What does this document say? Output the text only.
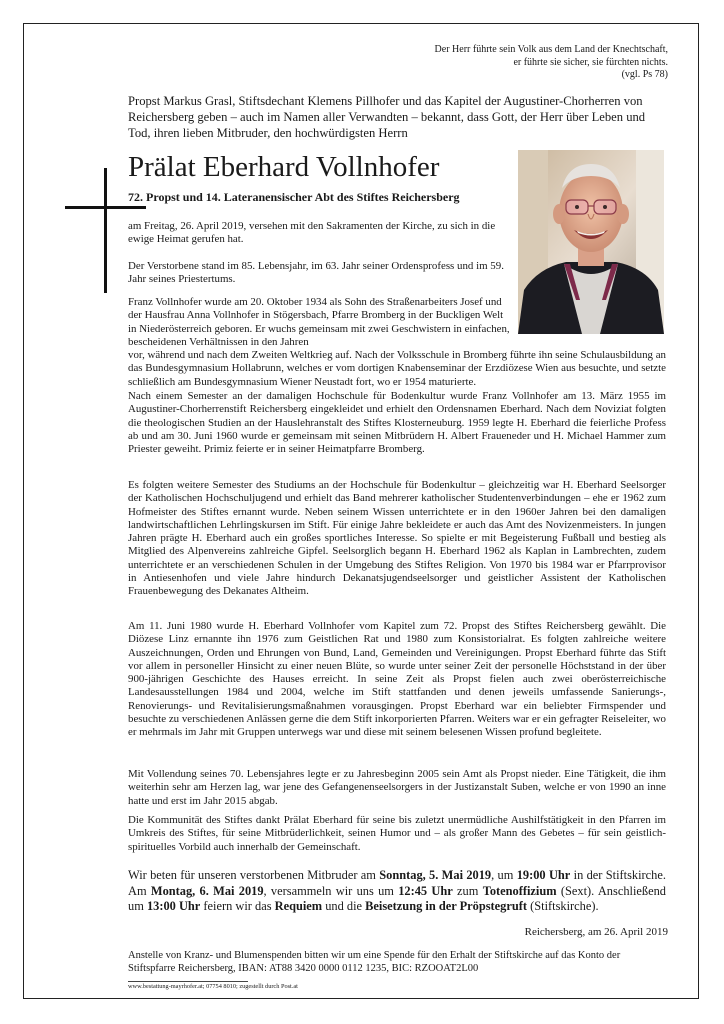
Der Herr führte sein Volk aus dem Land der Knechtschaft,
er führte sie sicher, sie fürchten nichts.
(vgl. Ps 78)
Propst Markus Grasl, Stiftsdechant Klemens Pillhofer und das Kapitel der Augustiner-Chorherren von Reichersberg geben – auch im Namen aller Verwandten – bekannt, dass Gott, der Herr über Leben und Tod, ihren lieben Mitbruder, den hochwürdigsten Herrn
Prälat Eberhard Vollnhofer
72. Propst und 14. Lateranensischer Abt des Stiftes Reichersberg
am Freitag, 26. April 2019, versehen mit den Sakramenten der Kirche, zu sich in die ewige Heimat gerufen hat.
Der Verstorbene stand im 85. Lebensjahr, im 63. Jahr seiner Ordensprofess und im 59. Jahr seines Priestertums.
Franz Vollnhofer wurde am 20. Oktober 1934 als Sohn des Straßenarbeiters Josef und der Hausfrau Anna Vollnhofer in Stögersbach, Pfarre Bromberg in der Buckligen Welt in Niederösterreich geboren. Er wuchs gemeinsam mit zwei Geschwistern in einfachen, bescheidenen Verhältnissen in den Jahren
vor, während und nach dem Zweiten Weltkrieg auf. Nach der Volksschule in Bromberg führte ihn seine Schulausbildung an das Bundesgymnasium Hollabrunn, welches er vom dortigen Knabenseminar der Erzdiözese Wien aus besuchte, und setzte schließlich am Bundesgymnasium Wiener Neustadt fort, wo er 1954 maturierte.
Nach einem Semester an der damaligen Hochschule für Bodenkultur wurde Franz Vollnhofer am 13. März 1955 im Augustiner-Chorherrenstift Reichersberg eingekleidet und erhielt den Ordensnamen Eberhard. Nach dem Noviziat folgten die theologischen Studien an der Hauslehranstalt des Stiftes Klosterneuburg. 1959 legte H. Eberhard die feierliche Profess ab und am 30. Juni 1960 wurde er gemeinsam mit seinen Mitbrüdern H. Albert Fraueneder und H. Michael Hammer zum Priester geweiht. Primiz feierte er in seiner Heimatpfarre Bromberg.
Es folgten weitere Semester des Studiums an der Hochschule für Bodenkultur – gleichzeitig war H. Eberhard Seelsorger der Katholischen Hochschuljugend und erhielt das Band mehrerer katholischer Studentenverbindungen – ehe er 1962 zum Hofmeister des Stiftes ernannt wurde. Neben seinem Wissen unterrichtete er in den 1960er Jahren bei den damaligen landwirtschaftlichen Lehrlingskursen im Stift. Für einige Jahre bekleidete er auch das Amt des Novizenmeisters. In jungen Jahren prägte H. Eberhard auch ein großes sportliches Interesse. So spielte er mit Begeisterung Fußball und bestieg als Mitglied des Alpenvereins zahlreiche Gipfel. Seelsorglich begann H. Eberhard 1962 als Kaplan in Lambrechten, zudem unterrichtete er an verschiedenen Schulen in der Umgebung des Stiftes Religion. Von 1970 bis 1984 war er Pfarrprovisor in Antiesenhofen und viele Jahre hindurch Dekanatsjugendseelsorger und geistlicher Assistent der Katholischen Frauenbewegung des Dekanates Altheim.
Am 11. Juni 1980 wurde H. Eberhard Vollnhofer vom Kapitel zum 72. Propst des Stiftes Reichersberg gewählt. Die Diözese Linz ernannte ihn 1976 zum Geistlichen Rat und 1980 zum Konsistorialrat. Es folgten zahlreiche weitere Auszeichnungen, Orden und Ehrungen von Bund, Land, Gemeinden und Vereinigungen. Propst Eberhard führte das Stift vor allem in personeller Hinsicht zu einer neuen Blüte, so wurde unter seiner Zeit der personelle Höchststand in der über 900-jährigen Geschichte des Hauses erreicht. In seine Zeit als Propst fielen auch zwei oberösterreichische Landesausstellungen 1984 und 2004, welche im Stift stattfanden und denen jeweils umfassende Sanierungs-, Renovierungs- und Revitalisierungsmaßnahmen vorausgingen. Propst Eberhard war ein beliebter Firmspender und besuchte zu verschiedenen Anlässen gerne die dem Stift inkorporierten Pfarren. Weiters war er ein gefragter Reiseleiter, wo er mehrmals im Jahr mit Gruppen unterwegs war und diese mit seinem belesenen Wissen profund begleitete.
Mit Vollendung seines 70. Lebensjahres legte er zu Jahresbeginn 2005 sein Amt als Propst nieder. Eine Tätigkeit, die ihm weiterhin sehr am Herzen lag, war jene des Gefangenenseelsorgers in der Justizanstalt Suben, welche er von 1990 an inne hatte und erst im Jahr 2015 abgab.
Die Kommunität des Stiftes dankt Prälat Eberhard für seine bis zuletzt unermüdliche Aushilfstätigkeit in den Pfarren im Umkreis des Stiftes, für seine Mitbrüderlichkeit, seinen Humor und – als großer Mann des Gebetes – für sein geistlich-spirituelles Vorbild auch innerhalb der Gemeinschaft.
Wir beten für unseren verstorbenen Mitbruder am Sonntag, 5. Mai 2019, um 19:00 Uhr in der Stiftskirche. Am Montag, 6. Mai 2019, versammeln wir uns um 12:45 Uhr zum Totenoffizium (Sext). Anschließend um 13:00 Uhr feiern wir das Requiem und die Beisetzung in der Pröpstegruft (Stiftskirche).
Reichersberg, am 26. April 2019
Anstelle von Kranz- und Blumenspenden bitten wir um eine Spende für den Erhalt der Stiftskirche auf das Konto der Stiftspfarre Reichersberg, IBAN: AT88 3420 0000 0112 1235, BIC: RZOOAT2L00
www.bestattung-mayrhofer.at; 07754 8010; zugestellt durch Post.at
